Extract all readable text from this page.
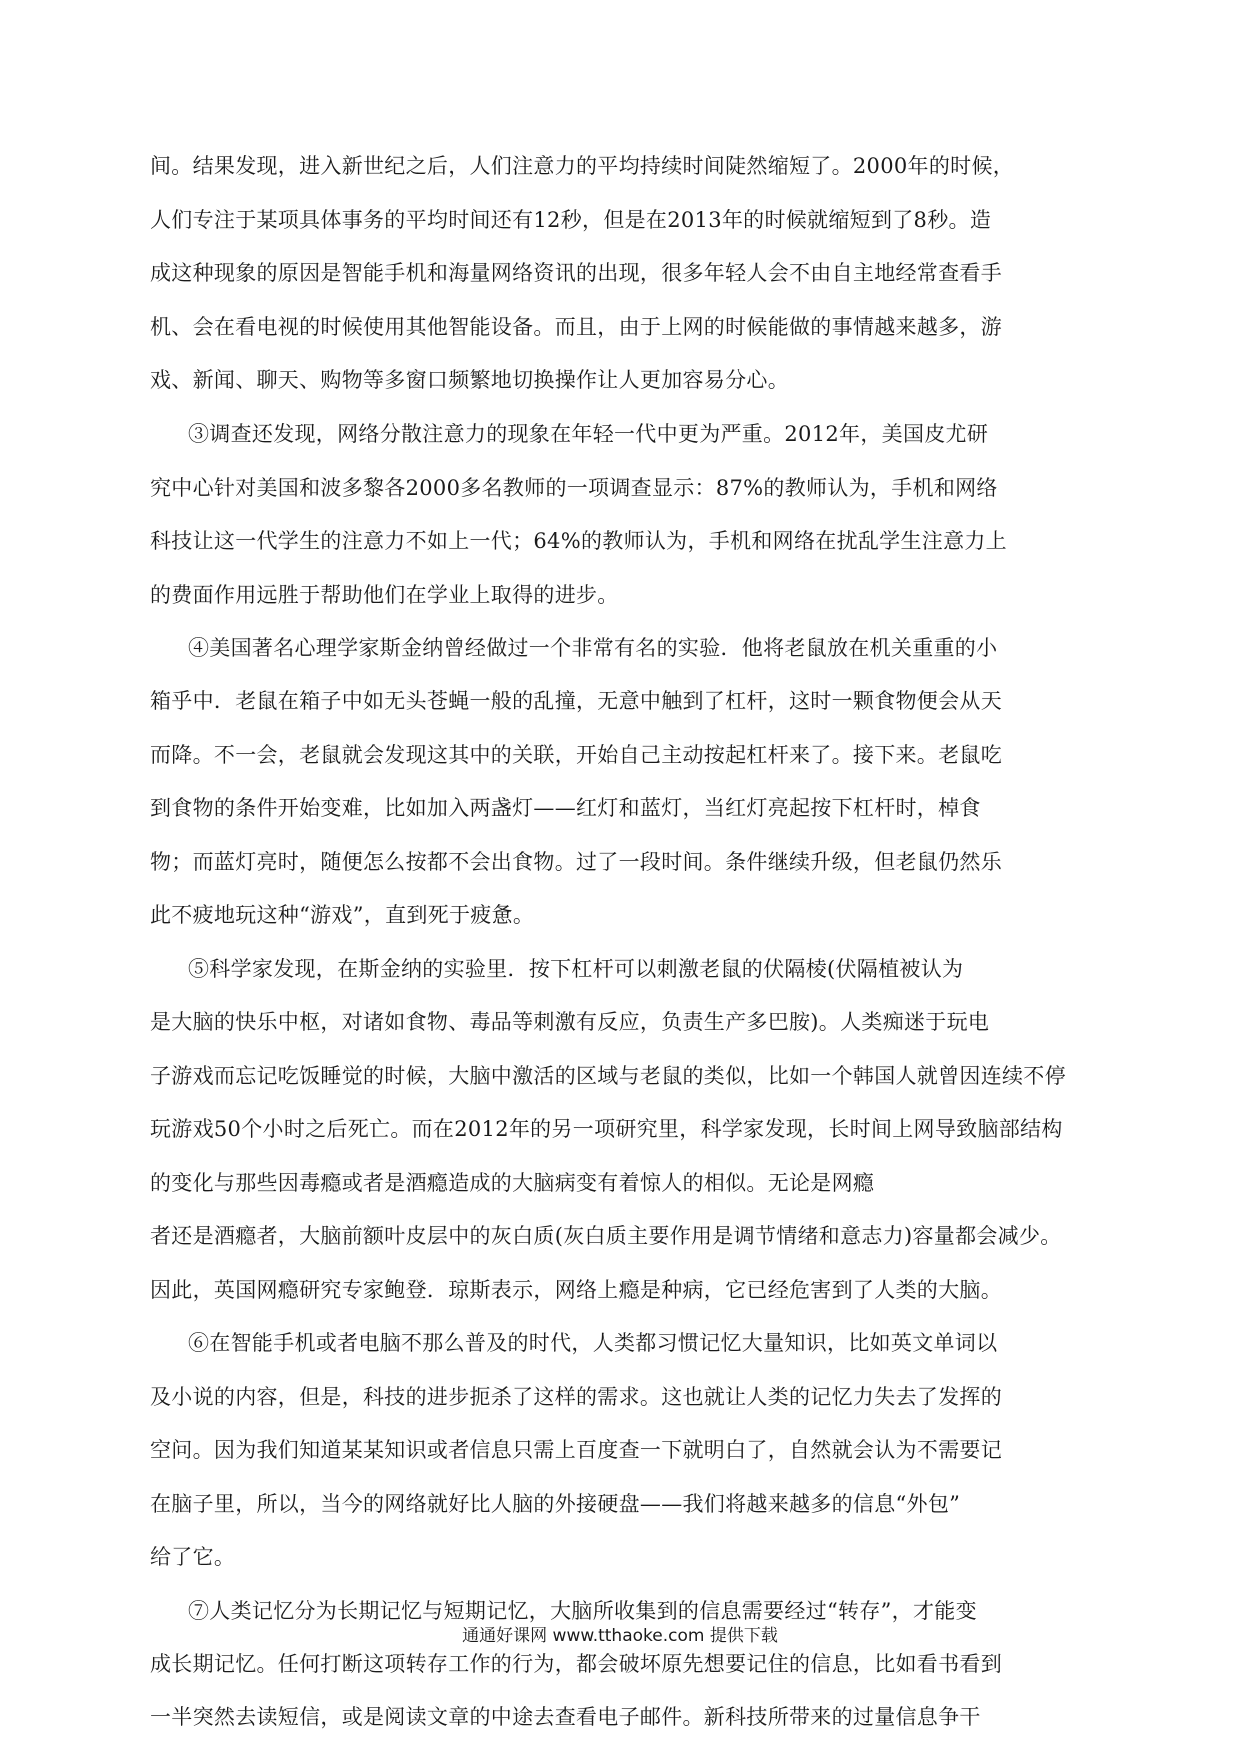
间。结果发现，进入新世纪之后，人们注意力的平均持续时间陡然缩短了。2000年的时候，
人们专注于某项具体事务的平均时间还有12秒，但是在2013年的时候就缩短到了8秒。造
成这种现象的原因是智能手机和海量网络资讯的出现，很多年轻人会不由自主地经常查看手
机、会在看电视的时候使用其他智能设备。而且，由于上网的时候能做的事情越来越多，游
戏、新闻、聊天、购物等多窗口频繁地切换操作让人更加容易分心。
③调查还发现，网络分散注意力的现象在年轻一代中更为严重。2012年，美国皮尤研
究中心针对美国和波多黎各2000多名教师的一项调查显示：87%的教师认为，手机和网络
科技让这一代学生的注意力不如上一代；64%的教师认为，手机和网络在扰乱学生注意力上
的费面作用远胜于帮助他们在学业上取得的进步。
④美国著名心理学家斯金纳曾经做过一个非常有名的实验．他将老鼠放在机关重重的小
箱乎中．老鼠在箱子中如无头苍蝇一般的乱撞，无意中触到了杠杆，这时一颗食物便会从天
而降。不一会，老鼠就会发现这其中的关联，开始自己主动按起杠杆来了。接下来。老鼠吃
到食物的条件开始变难，比如加入两盏灯——红灯和蓝灯，当红灯亮起按下杠杆时，棹食
物；而蓝灯亮时，随便怎么按都不会出食物。过了一段时间。条件继续升级，但老鼠仍然乐
此不疲地玩这种“游戏”，直到死于疲惫。
⑤科学家发现，在斯金纳的实验里．按下杠杆可以刺激老鼠的伏隔棱(伏隔植被认为
是大脑的快乐中枢，对诸如食物、毒品等刺激有反应，负责生产多巴胺)。人类痴迷于玩电
子游戏而忘记吃饭睡觉的时候，大脑中激活的区域与老鼠的类似，比如一个韩国人就曾因连续不停
玩游戏50个小时之后死亡。而在2012年的另一项研究里，科学家发现，长时间上网导致脑部结构
的变化与那些因毒瘾或者是酒瘾造成的大脑病变有着惊人的相似。无论是网瘾
者还是酒瘾者，大脑前额叶皮层中的灰白质(灰白质主要作用是调节情绪和意志力)容量都会减少。
因此，英国网瘾研究专家鲍登．琼斯表示，网络上瘾是种病，它已经危害到了人类的大脑。
⑥在智能手机或者电脑不那么普及的时代，人类都习惯记忆大量知识，比如英文单词以
及小说的内容，但是，科技的进步扼杀了这样的需求。这也就让人类的记忆力失去了发挥的
空问。因为我们知道某某知识或者信息只需上百度查一下就明白了，自然就会认为不需要记
在脑子里，所以，当今的网络就好比人脑的外接硬盘——我们将越来越多的信息“外包”
给了它。
⑦人类记忆分为长期记忆与短期记忆，大脑所收集到的信息需要经过“转存”，才能变
成长期记忆。任何打断这项转存工作的行为，都会破坏原先想要记住的信息，比如看书看到
一半突然去读短信，或是阅读文章的中途去查看电子邮件。新科技所带来的过量信息争干
通通好课网 www.tthaoke.com 提供下载
